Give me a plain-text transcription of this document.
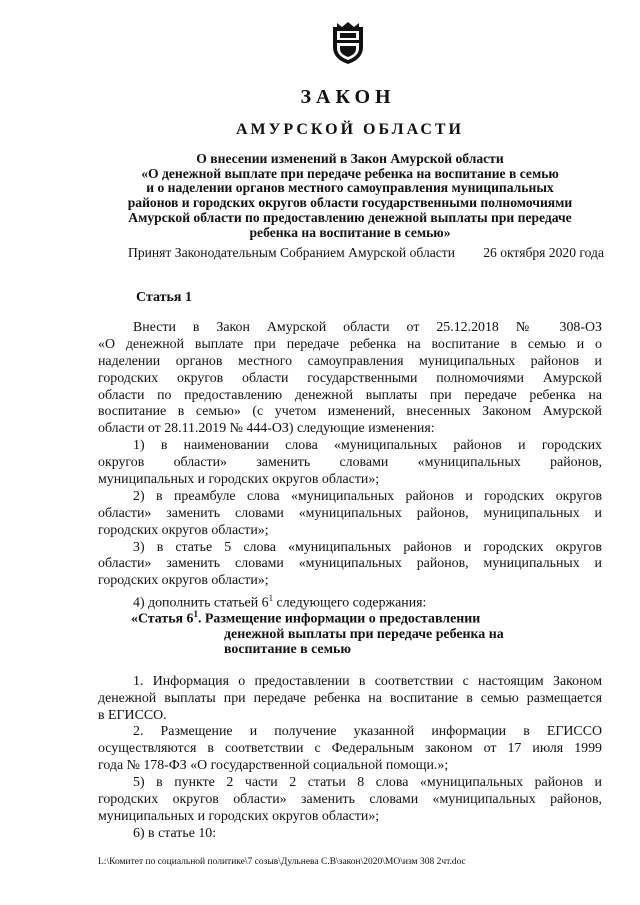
ЗАКОН
АМУРСКОЙ ОБЛАСТИ
О внесении изменений в Закон Амурской области
«О денежной выплате при передаче ребенка на воспитание в семью
и о наделении органов местного самоуправления муниципальных
районов и городских округов области государственными полномочиями
Амурской области по предоставлению денежной выплаты при передаче
ребенка на воспитание в семью»
Принят Законодательным Собранием Амурской области 26 октября 2020 года
Статья 1
Внести в Закон Амурской области от 25.12.2018 № 308-ОЗ
«О денежной выплате при передаче ребенка на воспитание в семью и о
наделении органов местного самоуправления муниципальных районов и
городских округов области государственными полномочиями Амурской
области по предоставлению денежной выплаты при передаче ребенка на
воспитание в семью» (с учетом изменений, внесенных Законом Амурской
области от 28.11.2019 № 444-ОЗ) следующие изменения:
1) в наименовании слова «муниципальных районов и городских
округов области» заменить словами «муниципальных районов,
муниципальных и городских округов области»;
2) в преамбуле слова «муниципальных районов и городских округов
области» заменить словами «муниципальных районов, муниципальных и
городских округов области»;
3) в статье 5 слова «муниципальных районов и городских округов
области» заменить словами «муниципальных районов, муниципальных и
городских округов области»;
4) дополнить статьей $6^1$ следующего содержания:
«Статья $6^1$. Размещение информации о предоставлении
денежной выплаты при передаче ребенка на
воспитание в семью
1. Информация о предоставлении в соответствии с настоящим Законом
денежной выплаты при передаче ребенка на воспитание в семью размещается
в ЕГИССО.
2. Размещение и получение указанной информации в ЕГИССО
осуществляются в соответствии с Федеральным законом от 17 июля 1999
года № 178-ФЗ «О государственной социальной помощи.»;
5) в пункте 2 части 2 статьи 8 слова «муниципальных районов и
городских округов области» заменить словами «муниципальных районов,
муниципальных и городских округов области»;
6) в статье 10:
L:\Комитет по социальной политике\7 созыв\Дульнева С.В\закон\2020\МО\изм 308 2чт.doc
